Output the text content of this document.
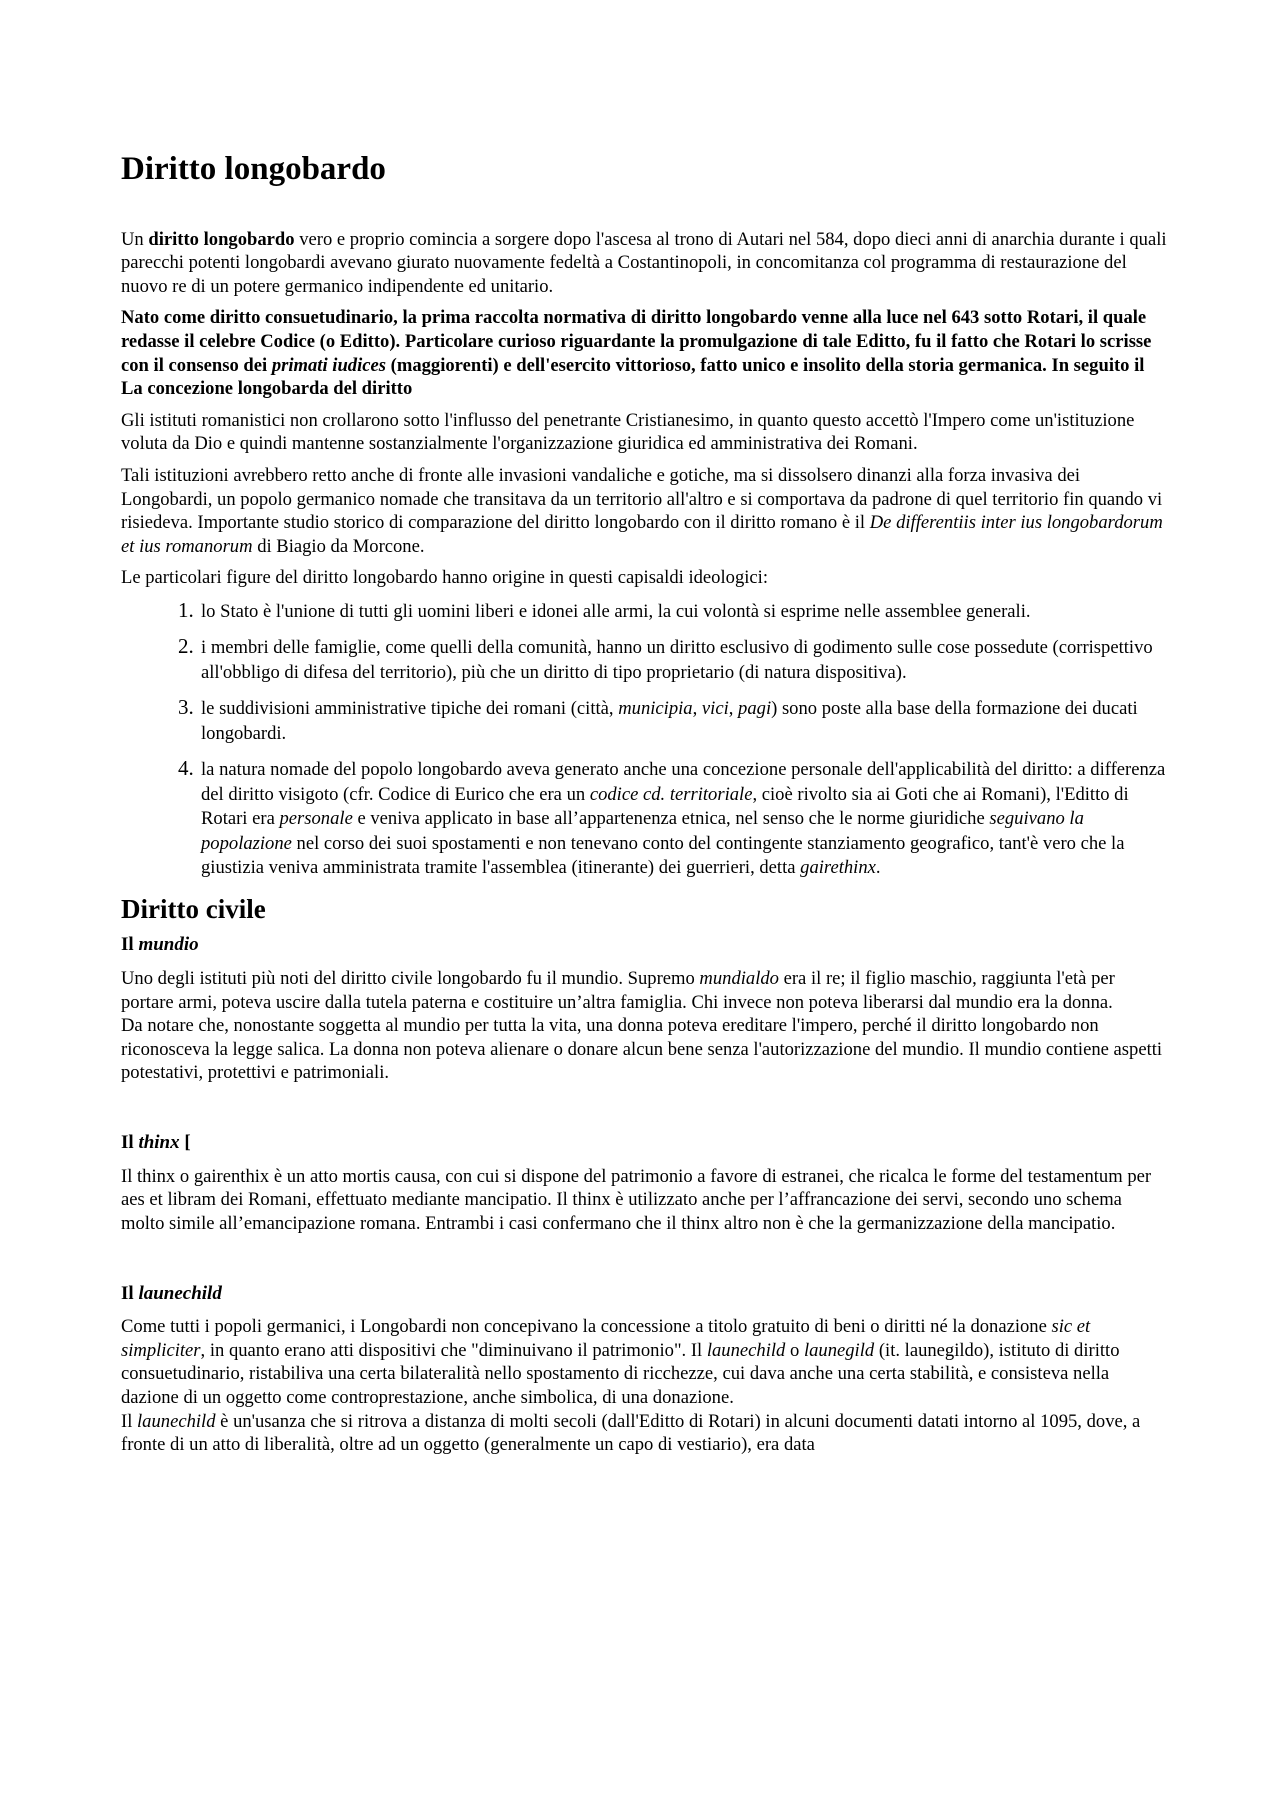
Diritto longobardo

Un diritto longobardo vero e proprio comincia a sorgere dopo l'ascesa al trono di Autari nel 584, dopo dieci anni di anarchia durante i quali parecchi potenti longobardi avevano giurato nuovamente fedeltà a Costantinopoli, in concomitanza col programma di restaurazione del nuovo re di un potere germanico indipendente ed unitario.

Nato come diritto consuetudinario, la prima raccolta normativa di diritto longobardo venne alla luce nel 643 sotto Rotari, il quale redasse il celebre Codice (o Editto). Particolare curioso riguardante la promulgazione di tale Editto, fu il fatto che Rotari lo scrisse con il consenso dei primati iudices (maggiorenti) e dell'esercito vittorioso, fatto unico e insolito della storia germanica. In seguito il La concezione longobarda del diritto

Gli istituti romanistici non crollarono sotto l'influsso del penetrante Cristianesimo, in quanto questo accettò l'Impero come un'istituzione voluta da Dio e quindi mantenne sostanzialmente l'organizzazione giuridica ed amministrativa dei Romani.

Tali istituzioni avrebbero retto anche di fronte alle invasioni vandaliche e gotiche, ma si dissolsero dinanzi alla forza invasiva dei Longobardi, un popolo germanico nomade che transitava da un territorio all'altro e si comportava da padrone di quel territorio fin quando vi risiedeva. Importante studio storico di comparazione del diritto longobardo con il diritto romano è il De differentiis inter ius longobardorum et ius romanorum di Biagio da Morcone.

Le particolari figure del diritto longobardo hanno origine in questi capisaldi ideologici:

1. lo Stato è l'unione di tutti gli uomini liberi e idonei alle armi, la cui volontà si esprime nelle assemblee generali.
2. i membri delle famiglie, come quelli della comunità, hanno un diritto esclusivo di godimento sulle cose possedute (corrispettivo all'obbligo di difesa del territorio), più che un diritto di tipo proprietario (di natura dispositiva).
3. le suddivisioni amministrative tipiche dei romani (città, municipia, vici, pagi) sono poste alla base della formazione dei ducati longobardi.
4. la natura nomade del popolo longobardo aveva generato anche una concezione personale dell'applicabilità del diritto: a differenza del diritto visigoto (cfr. Codice di Eurico che era un codice cd. territoriale, cioè rivolto sia ai Goti che ai Romani), l'Editto di Rotari era personale e veniva applicato in base all’appartenenza etnica, nel senso che le norme giuridiche seguivano la popolazione nel corso dei suoi spostamenti e non tenevano conto del contingente stanziamento geografico, tant'è vero che la giustizia veniva amministrata tramite l'assemblea (itinerante) dei guerrieri, detta gairethinx.
Diritto civile
Il mundio

Uno degli istituti più noti del diritto civile longobardo fu il mundio. Supremo mundialdo era il re; il figlio maschio, raggiunta l'età per portare armi, poteva uscire dalla tutela paterna e costituire un’altra famiglia. Chi invece non poteva liberarsi dal mundio era la donna.

Da notare che, nonostante soggetta al mundio per tutta la vita, una donna poteva ereditare l'impero, perché il diritto longobardo non riconosceva la legge salica. La donna non poteva alienare o donare alcun bene senza l'autorizzazione del mundio. Il mundio contiene aspetti potestativi, protettivi e patrimoniali.

Il thinx [

Il thinx o gairenthix è un atto mortis causa, con cui si dispone del patrimonio a favore di estranei, che ricalca le forme del testamentum per aes et libram dei Romani, effettuato mediante mancipatio. Il thinx è utilizzato anche per l’affrancazione dei servi, secondo uno schema molto simile all’emancipazione romana. Entrambi i casi confermano che il thinx altro non è che la germanizzazione della mancipatio.

Il launechild

Come tutti i popoli germanici, i Longobardi non concepivano la concessione a titolo gratuito di beni o diritti né la donazione sic et simpliciter, in quanto erano atti dispositivi che "diminuivano il patrimonio". Il launechild o launegild (it. launegildo), istituto di diritto consuetudinario, ristabiliva una certa bilateralità nello spostamento di ricchezze, cui dava anche una certa stabilità, e consisteva nella dazione di un oggetto come controprestazione, anche simbolica, di una donazione.

Il launechild è un'usanza che si ritrova a distanza di molti secoli (dall'Editto di Rotari) in alcuni documenti datati intorno al 1095, dove, a fronte di un atto di liberalità, oltre ad un oggetto (generalmente un capo di vestiario), era data
